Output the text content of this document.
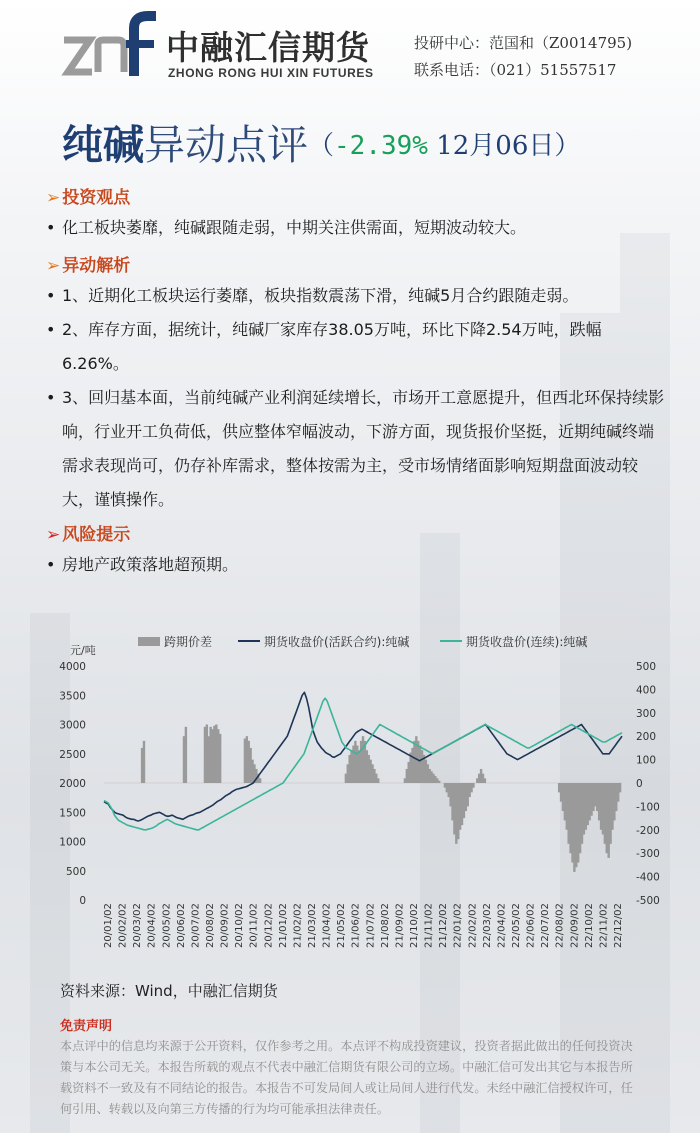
中融汇信期货
ZHONG RONG HUI XIN FUTURES
投研中心：范国和（Z0014795)
联系电话：（021）51557517
纯碱异动点评（-2.39% 12月06日）
➢ 投资观点
• 化工板块萎靡，纯碱跟随走弱，中期关注供需面，短期波动较大。
➢ 异动解析
• 1、近期化工板块运行萎靡，板块指数震荡下滑，纯碱5月合约跟随走弱。
• 2、库存方面，据统计，纯碱厂家库存38.05万吨，环比下降2.54万吨，跌幅6.26%。
• 3、回归基本面，当前纯碱产业利润延续增长，市场开工意愿提升，但西北环保持续影响，行业开工负荷低，供应整体窄幅波动，下游方面，现货报价坚挺，近期纯碱终端需求表现尚可，仍存补库需求，整体按需为主，受市场情绪面影响短期盘面波动较大，谨慎操作。
➢ 风险提示
• 房地产政策落地超预期。
跨期价差	期货收盘价(活跃合约):纯碱	期货收盘价(连续):纯碱
元/吨
4000
3500
3000
2500
2000
1500
1000
500
0
500
400
300
200
100
0
-100
-200
-300
-400
-500
20/01/02 20/02/02 20/03/02 20/04/02 20/05/02 20/06/02 20/07/02 20/08/02 20/09/02 20/10/02 20/11/02 20/12/02 21/01/02 21/02/02 21/03/02 21/04/02 21/05/02 21/06/02 21/07/02 21/08/02 21/09/02 21/10/02 21/11/02 21/12/02 22/01/02 22/02/02 22/03/02 22/04/02 22/05/02 22/06/02 22/07/02 22/08/02 22/09/02 22/10/02 22/11/02 22/12/02
资料来源：Wind，中融汇信期货
免责声明
本点评中的信息均来源于公开资料，仅作参考之用。本点评不构成投资建议，投资者据此做出的任何投资决策与本公司无关。本报告所载的观点不代表中融汇信期货有限公司的立场。中融汇信可发出其它与本报告所载资料不一致及有不同结论的报告。本报告不可发局间人或让局间人进行代发。未经中融汇信授权许可，任何引用、转载以及向第三方传播的行为均可能承担法律责任。
